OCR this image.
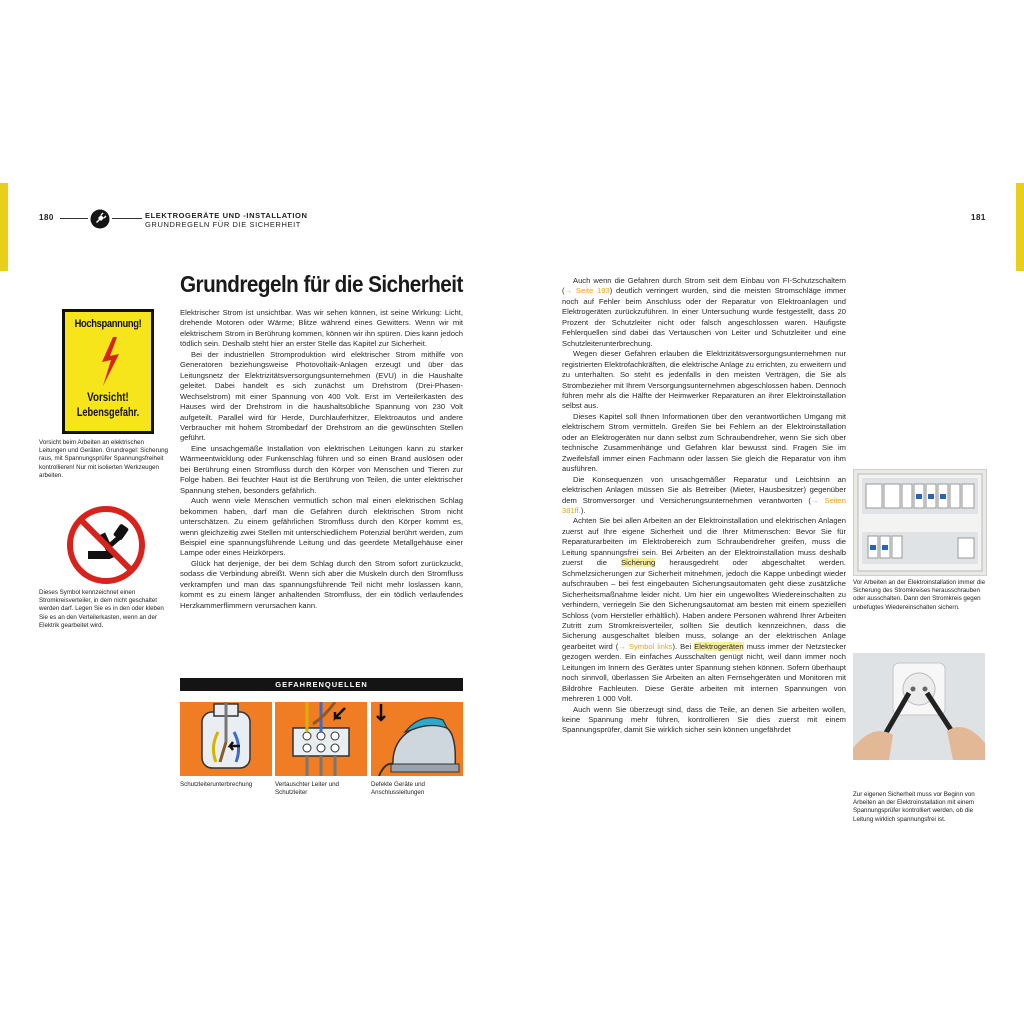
180	ELEKTROGERÄTE UND -INSTALLATION
GRUNDREGELN FÜR DIE SICHERHEIT
181
Grundregeln für die Sicherheit
Hochspannung!
Vorsicht!
Lebensgefahr.
Vorsicht beim Arbeiten an elektrischen Leitungen und Geräten. Grundregel: Sicherung raus, mit Spannungsprüfer Spannungsfreiheit kontrollieren! Nur mit isolierten Werkzeugen arbeiten.
Dieses Symbol kennzeichnet einen Stromkreisverteiler, in dem nicht geschaltet werden darf. Legen Sie es in den oder kleben Sie es an den Verteilerkasten, wenn an der Elektrik gearbeitet wird.

Elektrischer Strom ist unsichtbar. Was wir sehen können, ist seine Wirkung: Licht, drehende Motoren oder Wärme; Blitze während eines Gewitters. Wenn wir mit elektrischem Strom in Berührung kommen, können wir ihn spüren. Dies kann jedoch tödlich sein. Deshalb steht hier an erster Stelle das Kapitel zur Sicherheit.

Bei der industriellen Stromproduktion wird elektrischer Strom mithilfe von Generatoren beziehungsweise Photovoltaik-Anlagen erzeugt und über das Leitungsnetz der Elektrizitätsversorgungsunternehmen (EVU) in die Haushalte geleitet. Dabei handelt es sich zunächst um Drehstrom (Drei-Phasen-Wechselstrom) mit einer Spannung von 400 Volt. Erst im Verteilerkasten des Hauses wird der Drehstrom in die haushaltsübliche Spannung von 230 Volt aufgeteilt. Parallel wird für Herde, Durchlauferhitzer, Elektroautos und andere Verbraucher mit hohem Strombedarf der Drehstrom an die gewünschten Stellen geführt.

Eine unsachgemäße Installation von elektrischen Leitungen kann zu starker Wärmeentwicklung oder Funkenschlag führen und so einen Brand auslösen oder bei Berührung einen Stromfluss durch den Körper von Menschen und Tieren zur Folge haben. Bei feuchter Haut ist die Berührung von Teilen, die unter elektrischer Spannung stehen, besonders gefährlich.

Auch wenn viele Menschen vermutlich schon mal einen elektrischen Schlag bekommen haben, darf man die Gefahren durch elektrischen Strom nicht unterschätzen. Zu einem gefährlichen Stromfluss durch den Körper kommt es, wenn gleichzeitig zwei Stellen mit unterschiedlichem Potenzial berührt werden, zum Beispiel eine spannungsführende Leitung und das geerdete Metallgehäuse einer Lampe oder eines Heizkörpers.

Glück hat derjenige, der bei dem Schlag durch den Strom sofort zurückzuckt, sodass die Verbindung abreißt. Wenn sich aber die Muskeln durch den Stromfluss verkrampfen und man das spannungsführende Teil nicht mehr loslassen kann, kommt es zu einem länger anhaltenden Stromfluss, der ein tödlich verlaufendes Herzkammerflimmern verursachen kann.

GEFAHRENQUELLEN
Schutzleiterunterbrechung	Vertauschter Leiter und Schutzleiter
Defekte Geräte und Anschlussleitungen

Auch wenn die Gefahren durch Strom seit dem Einbau von FI-Schutzschaltern (→ Seite 193) deutlich verringert wurden, sind die meisten Stromschläge immer noch auf Fehler beim Anschluss oder der Reparatur von Elektroanlagen und Elektrogeräten zurückzuführen. In einer Untersuchung wurde festgestellt, dass 20 Prozent der Schutzleiter nicht oder falsch angeschlossen waren. Häufigste Fehlerquellen sind dabei das Vertauschen von Leiter und Schutzleiter und eine Schutzleiterunterbrechung.

Wegen dieser Gefahren erlauben die Elektrizitätsversorgungsunternehmen nur registrierten Elektrofachkräften, die elektrische Anlage zu errichten, zu erweitern und zu unterhalten. So steht es jedenfalls in den meisten Verträgen, die Sie als Strombezieher mit Ihrem Versorgungsunternehmen abgeschlossen haben. Dennoch führen mehr als die Hälfte der Heimwerker Reparaturen an ihrer Elektroinstallation selbst aus.

Dieses Kapitel soll Ihnen Informationen über den verantwortlichen Umgang mit elektrischem Strom vermitteln. Greifen Sie bei Fehlern an der Elektroinstallation oder an Elektrogeräten nur dann selbst zum Schraubendreher, wenn Sie sich über technische Zusammenhänge und Gefahren klar bewusst sind. Fragen Sie im Zweifelsfall immer einen Fachmann oder lassen Sie gleich die Reparatur von ihm ausführen.

Die Konsequenzen von unsachgemäßer Reparatur und Leichtsinn an elektrischen Anlagen müssen Sie als Betreiber (Mieter, Hausbesitzer) gegenüber dem Stromversorger und Versicherungsunternehmen verantworten (→ Seiten 381ff.).

Achten Sie bei allen Arbeiten an der Elektroinstallation und elektrischen Anlagen zuerst auf Ihre eigene Sicherheit und die Ihrer Mitmenschen: Bevor Sie für Reparaturarbeiten im Elektrobereich zum Schraubendreher greifen, muss die Leitung spannungsfrei sein. Bei Arbeiten an der Elektroinstallation muss deshalb zuerst die Sicherung herausgedreht oder abgeschaltet werden. Schmelzsicherungen zur Sicherheit mitnehmen, jedoch die Kappe unbedingt wieder aufschrauben – bei fest eingebauten Sicherungsautomaten geht diese zusätzliche Sicherheitsmaßnahme leider nicht. Um hier ein ungewolltes Wiedereinschalten zu verhindern, verriegeln Sie den Sicherungsautomat am besten mit einem speziellen Schloss (vom Hersteller erhältlich). Haben andere Personen während Ihrer Arbeiten Zutritt zum Stromkreisverteiler, sollten Sie deutlich kennzeichnen, dass die Sicherung ausgeschaltet bleiben muss, solange an der elektrischen Anlage gearbeitet wird (→ Symbol links). Bei Elektrogeräten muss immer der Netzstecker gezogen werden. Ein einfaches Ausschalten genügt nicht, weil dann immer noch Leitungen im Innern des Gerätes unter Spannung stehen können. Sofern überhaupt noch sinnvoll, überlassen Sie Arbeiten an alten Fernsehgeräten und Monitoren mit Bildröhre Fachleuten. Diese Geräte arbeiten mit internen Spannungen von mehreren 1 000 Volt.

Auch wenn Sie überzeugt sind, dass die Teile, an denen Sie arbeiten wollen, keine Spannung mehr führen, kontrollieren Sie dies zuerst mit einem Spannungsprüfer, damit Sie wirklich sicher sein können ungefährdet

Vor Arbeiten an der Elektroinstallation immer die Sicherung des Stromkreises herausschrauben oder ausschalten. Dann den Stromkreis gegen unbefugtes Wiedereinschalten sichern.
Zur eigenen Sicherheit muss vor Beginn von Arbeiten an der Elektroinstallation mit einem Spannungsprüfer kontrolliert werden, ob die Leitung wirklich spannungsfrei ist.
